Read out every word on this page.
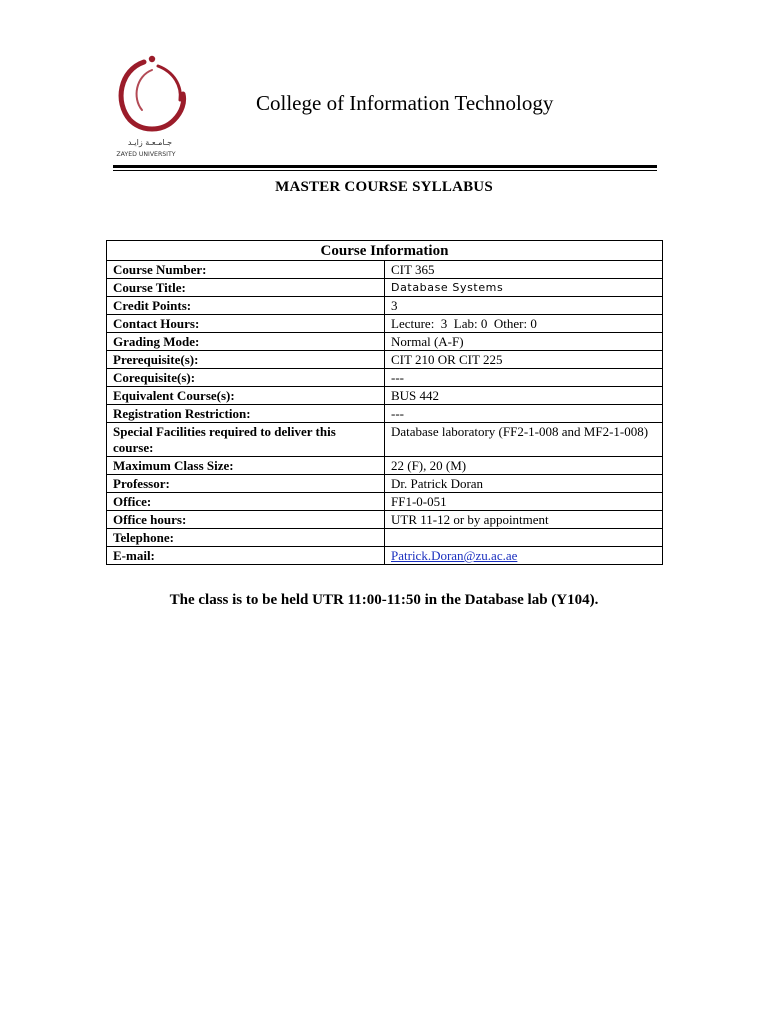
جـامـعـة زايـد
ZAYED UNIVERSITY
College of Information Technology
MASTER COURSE SYLLABUS
Course Information	
Course Number:	CIT 365
Course Title:	Database Systems
Credit Points:	3
Contact Hours:	Lecture:  3  Lab: 0  Other: 0
Grading Mode:	Normal (A-F)
Prerequisite(s):	CIT 210 OR CIT 225
Corequisite(s):	---
Equivalent Course(s):	BUS 442
Registration Restriction:	---
Special Facilities required to deliver this course:	Database laboratory (FF2-1-008 and MF2-1-008)
Maximum Class Size:	22 (F), 20 (M)
Professor:	Dr. Patrick Doran
Office:	FF1-0-051
Office hours:	UTR 11-12 or by appointment
Telephone:	
E-mail:	Patrick.Doran@zu.ac.ae
The class is to be held UTR 11:00-11:50 in the Database lab (Y104).
